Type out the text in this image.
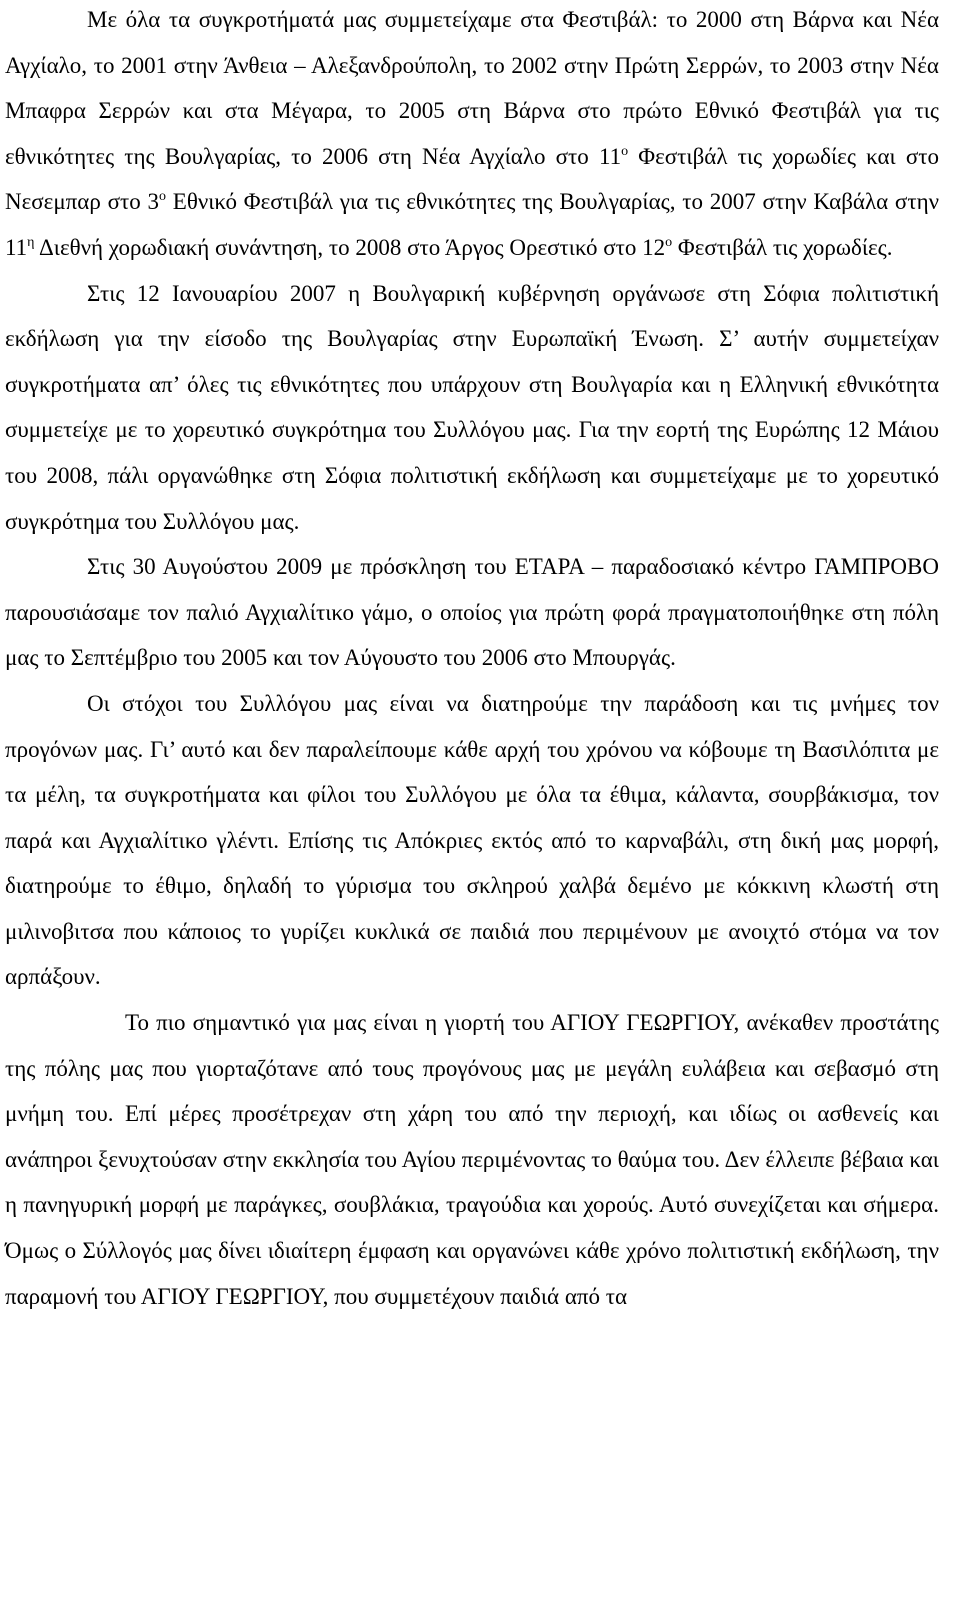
Με όλα τα συγκροτήματά μας συμμετείχαμε στα Φεστιβάλ: το 2000 στη Βάρνα και Νέα Αγχίαλο, το 2001 στην Άνθεια – Αλεξανδρούπολη, το 2002 στην Πρώτη Σερρών, το 2003 στην Νέα Μπαφρα Σερρών και στα Μέγαρα, το 2005 στη Βάρνα στο πρώτο Εθνικό Φεστιβάλ για τις εθνικότητες της Βουλγαρίας, το 2006 στη Νέα Αγχίαλο στο $11^o$ Φεστιβάλ τις χορωδίες και στο Νεσεμπαρ στο $3^o$ Εθνικό Φεστιβάλ για τις εθνικότητες της Βουλγαρίας, το 2007 στην Καβάλα στην $11^\eta$ Διεθνή χορωδιακή συνάντηση, το 2008 στο Άργος Ορεστικό στο $12^o$ Φεστιβάλ τις χορωδίες.

Στις 12 Ιανουαρίου 2007 η Βουλγαρική κυβέρνηση οργάνωσε στη Σόφια πολιτιστική εκδήλωση για την είσοδο της Βουλγαρίας στην Ευρωπαϊκή Ένωση. Σ’ αυτήν συμμετείχαν συγκροτήματα απ’ όλες τις εθνικότητες που υπάρχουν στη Βουλγαρία και η Ελληνική εθνικότητα συμμετείχε με το χορευτικό συγκρότημα του Συλλόγου μας. Για την εορτή της Ευρώπης 12 Μάιου του 2008, πάλι οργανώθηκε στη Σόφια πολιτιστική εκδήλωση και συμμετείχαμε με το χορευτικό συγκρότημα του Συλλόγου μας.

Στις 30 Αυγούστου 2009 με πρόσκληση του ΕΤΑΡΑ – παραδοσιακό κέντρο ΓΑΜΠΡΟΒΟ παρουσιάσαμε τον παλιό Αγχιαλίτικο γάμο, ο οποίος για πρώτη φορά πραγματοποιήθηκε στη πόλη μας το Σεπτέμβριο του 2005 και τον Αύγουστο του 2006 στο Μπουργάς.

Οι στόχοι του Συλλόγου μας είναι να διατηρούμε την παράδοση και τις μνήμες τον προγόνων μας. Γι’ αυτό και δεν παραλείπουμε κάθε αρχή του χρόνου να κόβουμε τη Βασιλόπιτα με τα μέλη, τα συγκροτήματα και φίλοι του Συλλόγου με όλα τα έθιμα, κάλαντα, σουρβάκισμα, τον παρά και Αγχιαλίτικο γλέντι. Επίσης τις Απόκριες εκτός από το καρναβάλι, στη δική μας μορφή, διατηρούμε το έθιμο, δηλαδή το γύρισμα του σκληρού χαλβά δεμένο με κόκκινη κλωστή στη μιλινοβιτσα που κάποιος το γυρίζει κυκλικά σε παιδιά που περιμένουν με ανοιχτό στόμα να τον αρπάξουν.

Το πιο σημαντικό για μας είναι η γιορτή του ΑΓΙΟΥ ΓΕΩΡΓΙΟΥ, ανέκαθεν προστάτης της πόλης μας που γιορταζότανε από τους προγόνους μας με μεγάλη ευλάβεια και σεβασμό στη μνήμη του. Επί μέρες προσέτρεχαν στη χάρη του από την περιοχή, και ιδίως οι ασθενείς και ανάπηροι ξενυχτούσαν στην εκκλησία του Αγίου περιμένοντας το θαύμα του. Δεν έλλειπε βέβαια και η πανηγυρική μορφή με παράγκες, σουβλάκια, τραγούδια και χορούς. Αυτό συνεχίζεται και σήμερα. Όμως ο Σύλλογός μας δίνει ιδιαίτερη έμφαση και οργανώνει κάθε χρόνο πολιτιστική εκδήλωση, την παραμονή του ΑΓΙΟΥ ΓΕΩΡΓΙΟΥ, που συμμετέχουν παιδιά από τα
